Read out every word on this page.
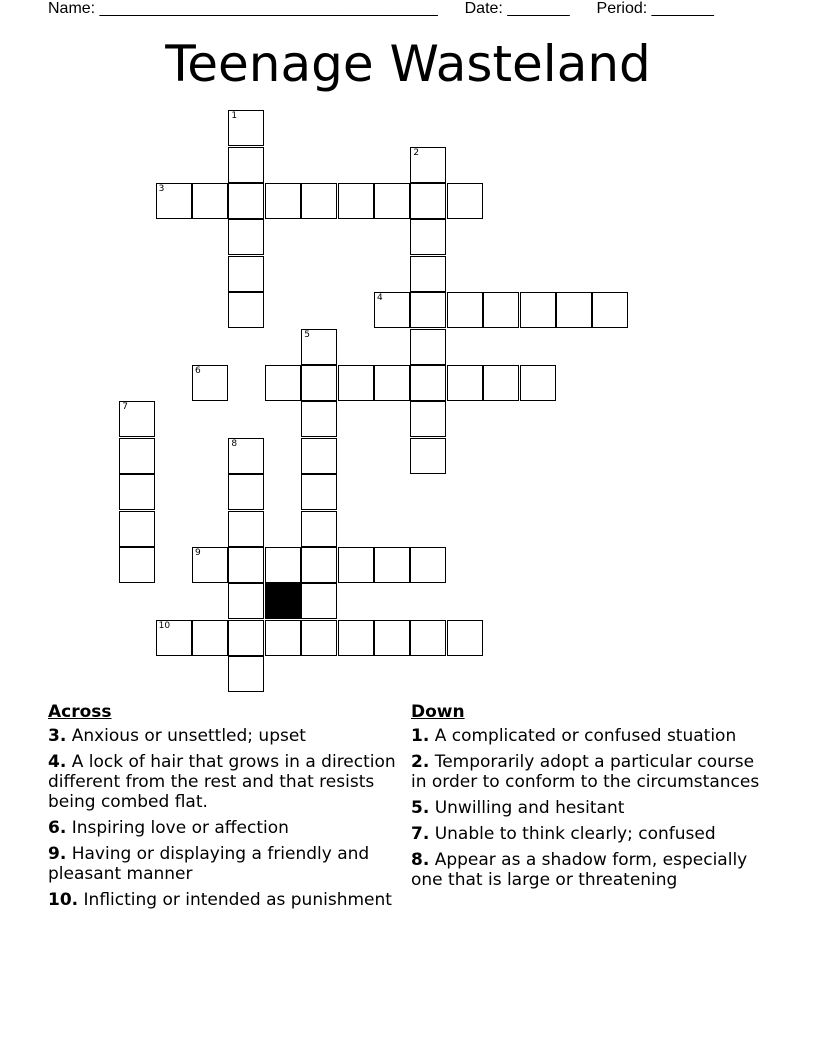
Name: ______________________________________ Date: _______ Period: _______
Teenage Wasteland
1
2
3
4
5
6
7
8
9
10
Across
3. Anxious or unsettled; upset
4. A lock of hair that grows in a direction different from the rest and that resists being combed flat.
6. Inspiring love or affection
9. Having or displaying a friendly and pleasant manner
10. Inflicting or intended as punishment
Down
1. A complicated or confused stuation
2. Temporarily adopt a particular course in order to conform to the circumstances
5. Unwilling and hesitant
7. Unable to think clearly; confused
8. Appear as a shadow form, especially one that is large or threatening
